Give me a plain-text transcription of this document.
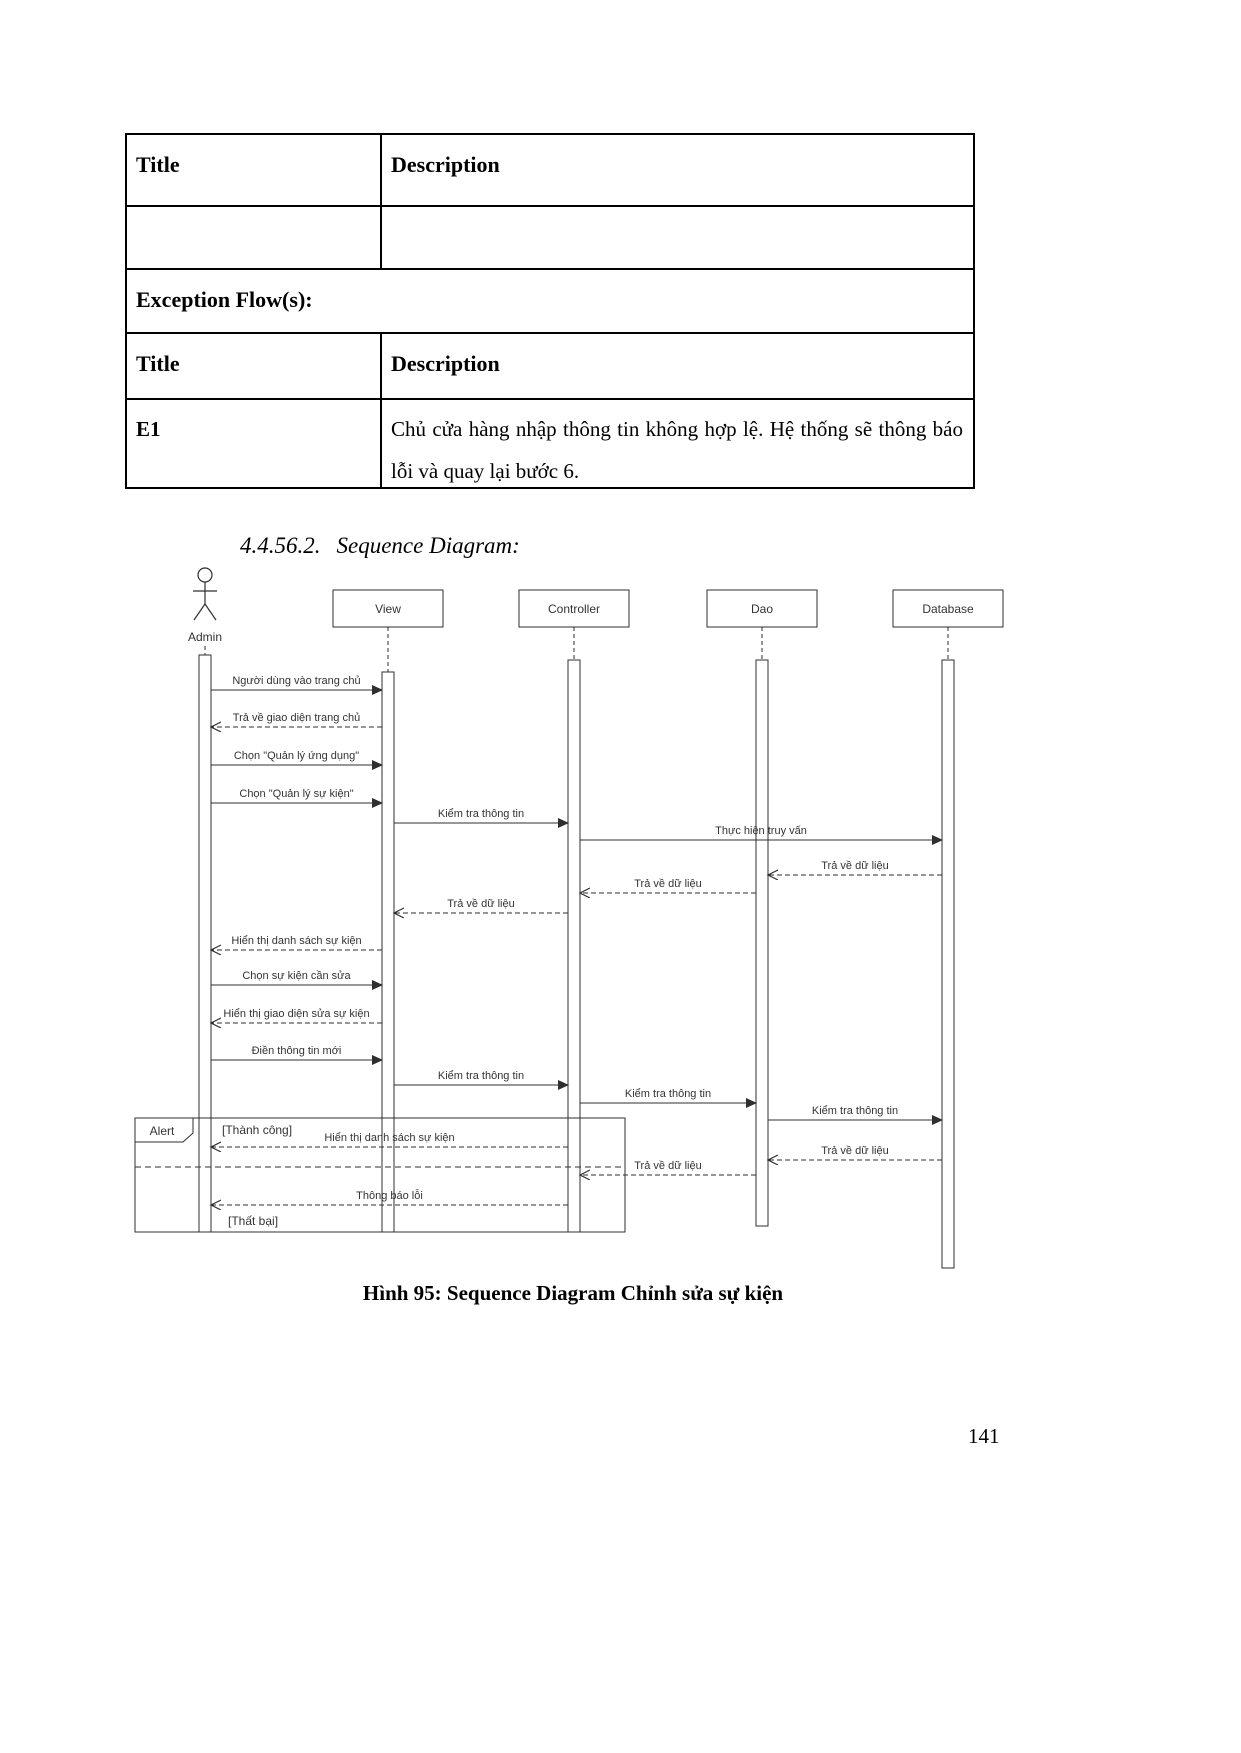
Admin
View	Controller	Dao	Database
Alert	[Thành công]
[Thất bại]
Người dùng vào trang chủ
Trả về giao diện trang chủ
Chọn "Quản lý ứng dụng"
Chọn "Quản lý sự kiện"
Kiểm tra thông tin
Thực hiện truy vấn
Trả về dữ liệu
Trả về dữ liệu
Trả về dữ liệu
Hiển thị danh sách sự kiện
Chọn sự kiện cần sửa
Hiển thị giao diện sửa sự kiện
Điền thông tin mới
Kiểm tra thông tin
Kiểm tra thông tin
Kiểm tra thông tin
Hiển thị danh sách sự kiện
Trả về dữ liệu
Trả về dữ liệu
Thông báo lỗi
Title	Description
Exception Flow(s):
Title	Description
E1	Chủ cửa hàng nhập thông tin không hợp lệ. Hệ thống sẽ thông báo lỗi và quay lại bước 6.
4.4.56.2. Sequence Diagram:
Hình 95: Sequence Diagram Chỉnh sửa sự kiện
141
